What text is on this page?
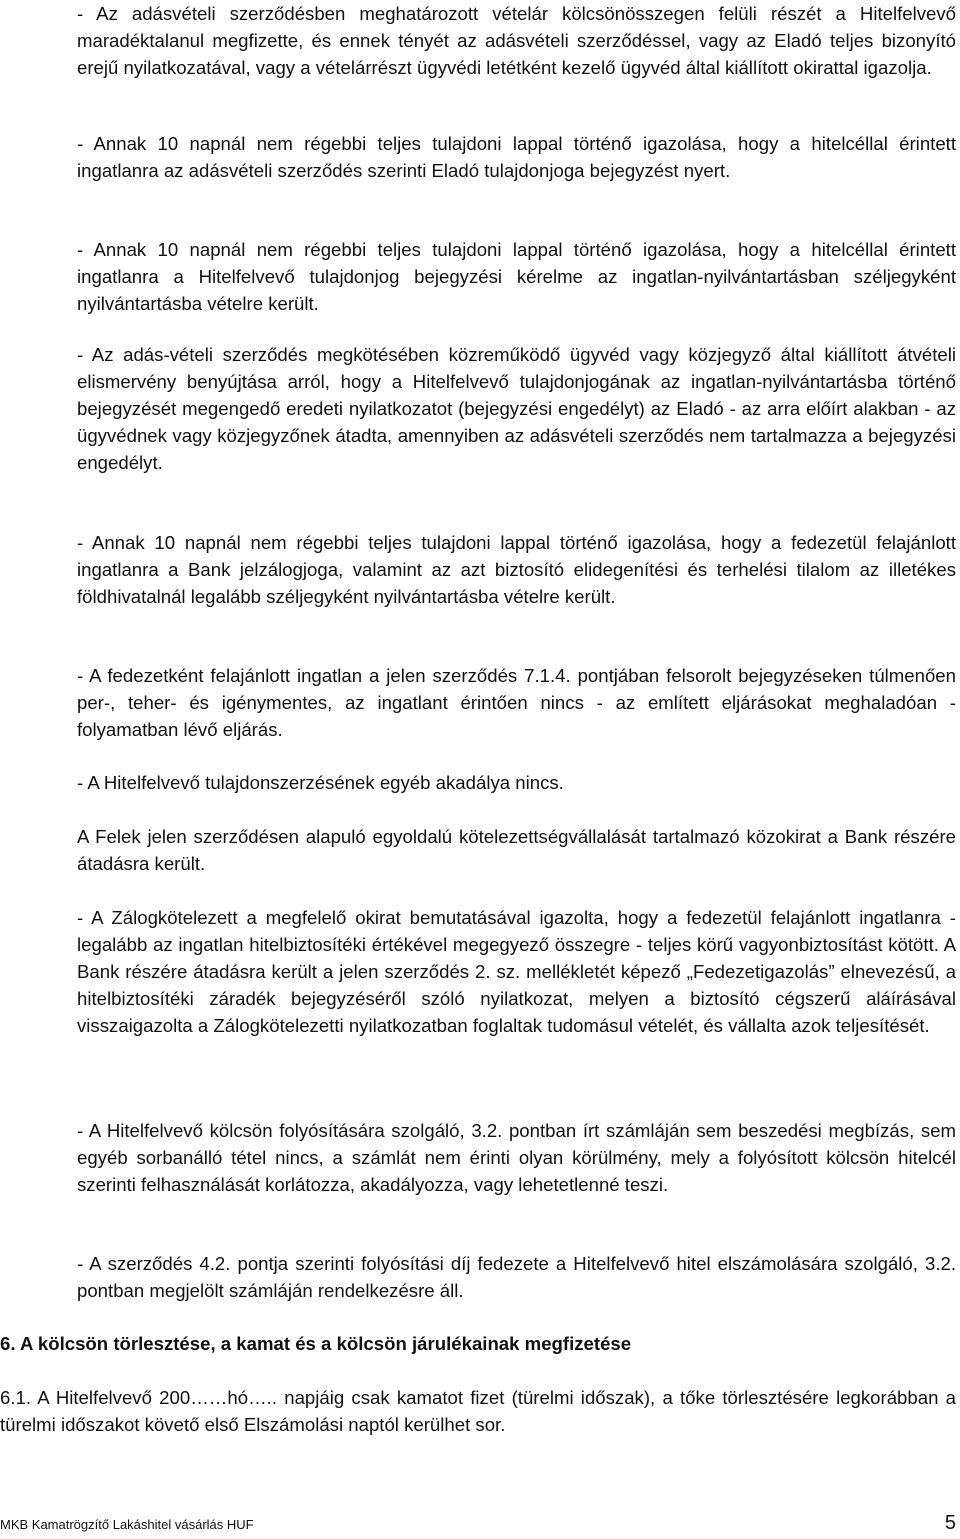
- Az adásvételi szerződésben meghatározott vételár kölcsönösszegen felüli részét a Hitelfelvevő maradéktalanul megfizette, és ennek tényét az adásvételi szerződéssel, vagy az Eladó teljes bizonyító erejű nyilatkozatával, vagy a vételárrészt ügyvédi letétként kezelő ügyvéd által kiállított okirattal igazolja.

- Annak 10 napnál nem régebbi teljes tulajdoni lappal történő igazolása, hogy a hitelcéllal érintett ingatlanra az adásvételi szerződés szerinti Eladó tulajdonjoga bejegyzést nyert.

- Annak 10 napnál nem régebbi teljes tulajdoni lappal történő igazolása, hogy a hitelcéllal érintett ingatlanra a Hitelfelvevő tulajdonjog bejegyzési kérelme az ingatlan-nyilvántartásban széljegyként nyilvántartásba vételre került.

- Az adás-vételi szerződés megkötésében közreműködő ügyvéd vagy közjegyző által kiállított átvételi elismervény benyújtása arról, hogy a Hitelfelvevő tulajdonjogának az ingatlan-nyilvántartásba történő bejegyzését megengedő eredeti nyilatkozatot (bejegyzési engedélyt) az Eladó - az arra előírt alakban - az ügyvédnek vagy közjegyzőnek átadta, amennyiben az adásvételi szerződés nem tartalmazza a bejegyzési engedélyt.

- Annak 10 napnál nem régebbi teljes tulajdoni lappal történő igazolása, hogy a fedezetül felajánlott ingatlanra a Bank jelzálogjoga, valamint az azt biztosító elidegenítési és terhelési tilalom az illetékes földhivatalnál legalább széljegyként nyilvántartásba vételre került.

- A fedezetként felajánlott ingatlan a jelen szerződés 7.1.4. pontjában felsorolt bejegyzéseken túlmenően per-, teher- és igénymentes, az ingatlant érintően nincs - az említett eljárásokat meghaladóan - folyamatban lévő eljárás.

- A Hitelfelvevő tulajdonszerzésének egyéb akadálya nincs.

A Felek jelen szerződésen alapuló egyoldalú kötelezettségvállalását tartalmazó közokirat a Bank részére átadásra került.

- A Zálogkötelezett a megfelelő okirat bemutatásával igazolta, hogy a fedezetül felajánlott ingatlanra - legalább az ingatlan hitelbiztosítéki értékével megegyező összegre - teljes körű vagyonbiztosítást kötött. A Bank részére átadásra került a jelen szerződés 2. sz. mellékletét képező „Fedezetigazolás” elnevezésű, a hitelbiztosítéki záradék bejegyzéséről szóló nyilatkozat, melyen a biztosító cégszerű aláírásával visszaigazolta a Zálogkötelezetti nyilatkozatban foglaltak tudomásul vételét, és vállalta azok teljesítését.

- A Hitelfelvevő kölcsön folyósítására szolgáló, 3.2. pontban írt számláján sem beszedési megbízás, sem egyéb sorbanálló tétel nincs, a számlát nem érinti olyan körülmény, mely a folyósított kölcsön hitelcél szerinti felhasználását korlátozza, akadályozza, vagy lehetetlenné teszi.

- A szerződés 4.2. pontja szerinti folyósítási díj fedezete a Hitelfelvevő hitel elszámolására szolgáló, 3.2. pontban megjelölt számláján rendelkezésre áll.

6. A kölcsön törlesztése, a kamat és a kölcsön járulékainak megfizetése

6.1. A Hitelfelvevő 200……hó….. napjáig csak kamatot fizet (türelmi időszak), a tőke törlesztésére legkorábban a türelmi időszakot követő első Elszámolási naptól kerülhet sor.

MKB Kamatrögzítő Lakáshitel vásárlás HUF	5
